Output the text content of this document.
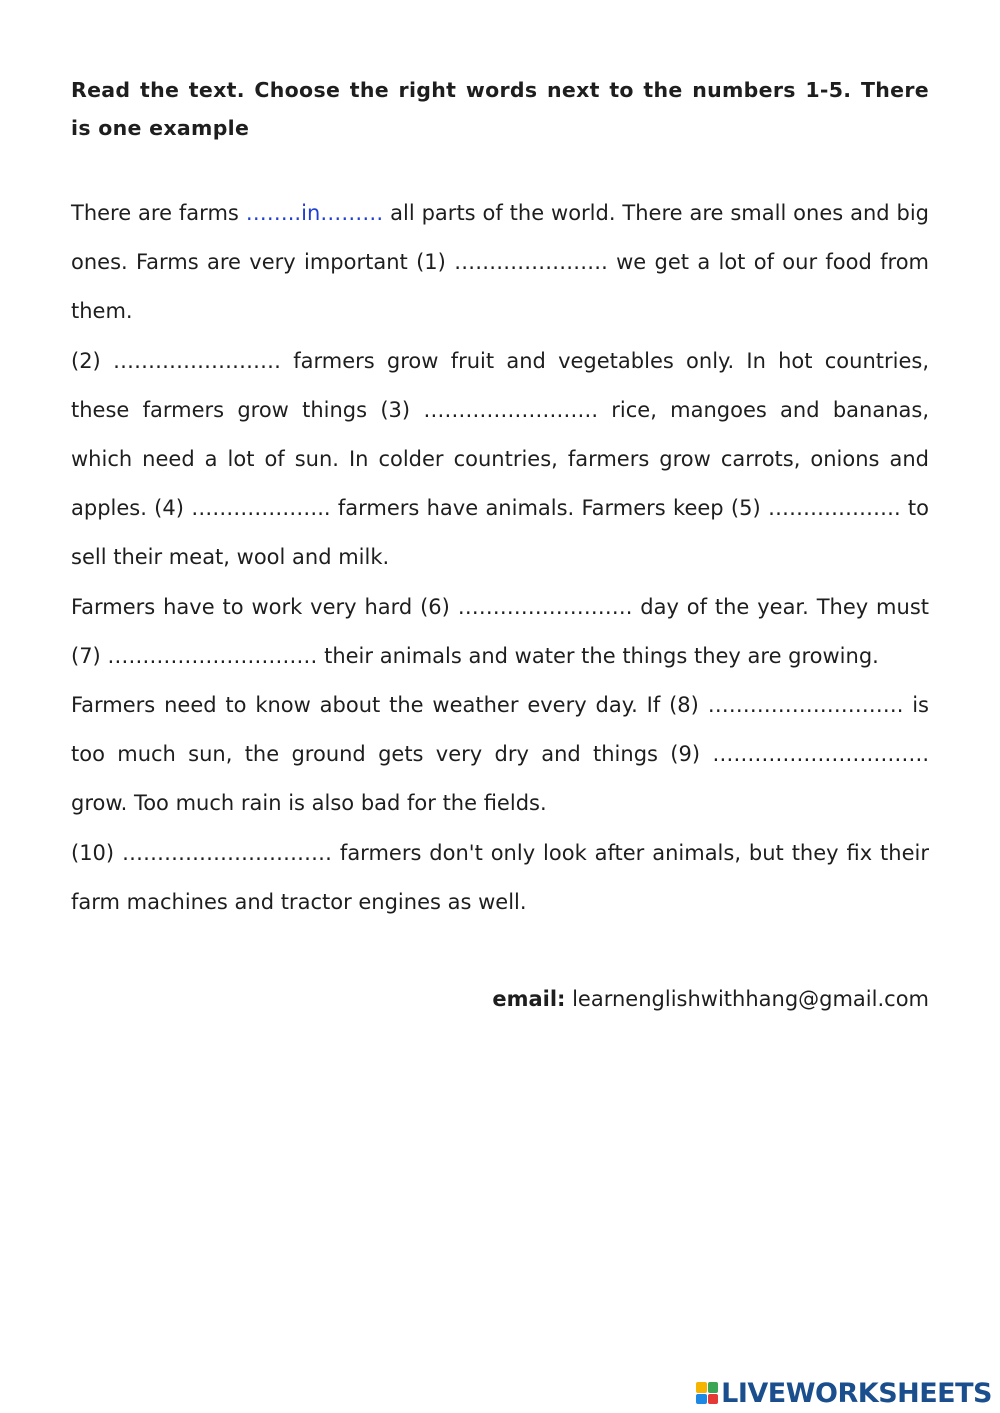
Read the text. Choose the right words next to the numbers 1-5. There is one example

There are farms ……..in……… all parts of the world. There are small ones and big ones. Farms are very important (1) …………………. we get a lot of our food from them.

(2) …………………… farmers grow fruit and vegetables only. In hot countries, these farmers grow things (3) ……………………. rice, mangoes and bananas, which need a lot of sun. In colder countries, farmers grow carrots, onions and apples. (4) ……………….. farmers have animals. Farmers keep (5) ………………. to sell their meat, wool and milk.

Farmers have to work very hard (6) ……………………. day of the year. They must (7) ………………………… their animals and water the things they are growing.

Farmers need to know about the weather every day. If (8) ………………………. is too much sun, the ground gets very dry and things (9) …………………………. grow. Too much rain is also bad for the fields.

(10) ………………………… farmers don't only look after animals, but they fix their farm machines and tractor engines as well.

email: learnenglishwithhang@gmail.com
LIVEWORKSHEETS
